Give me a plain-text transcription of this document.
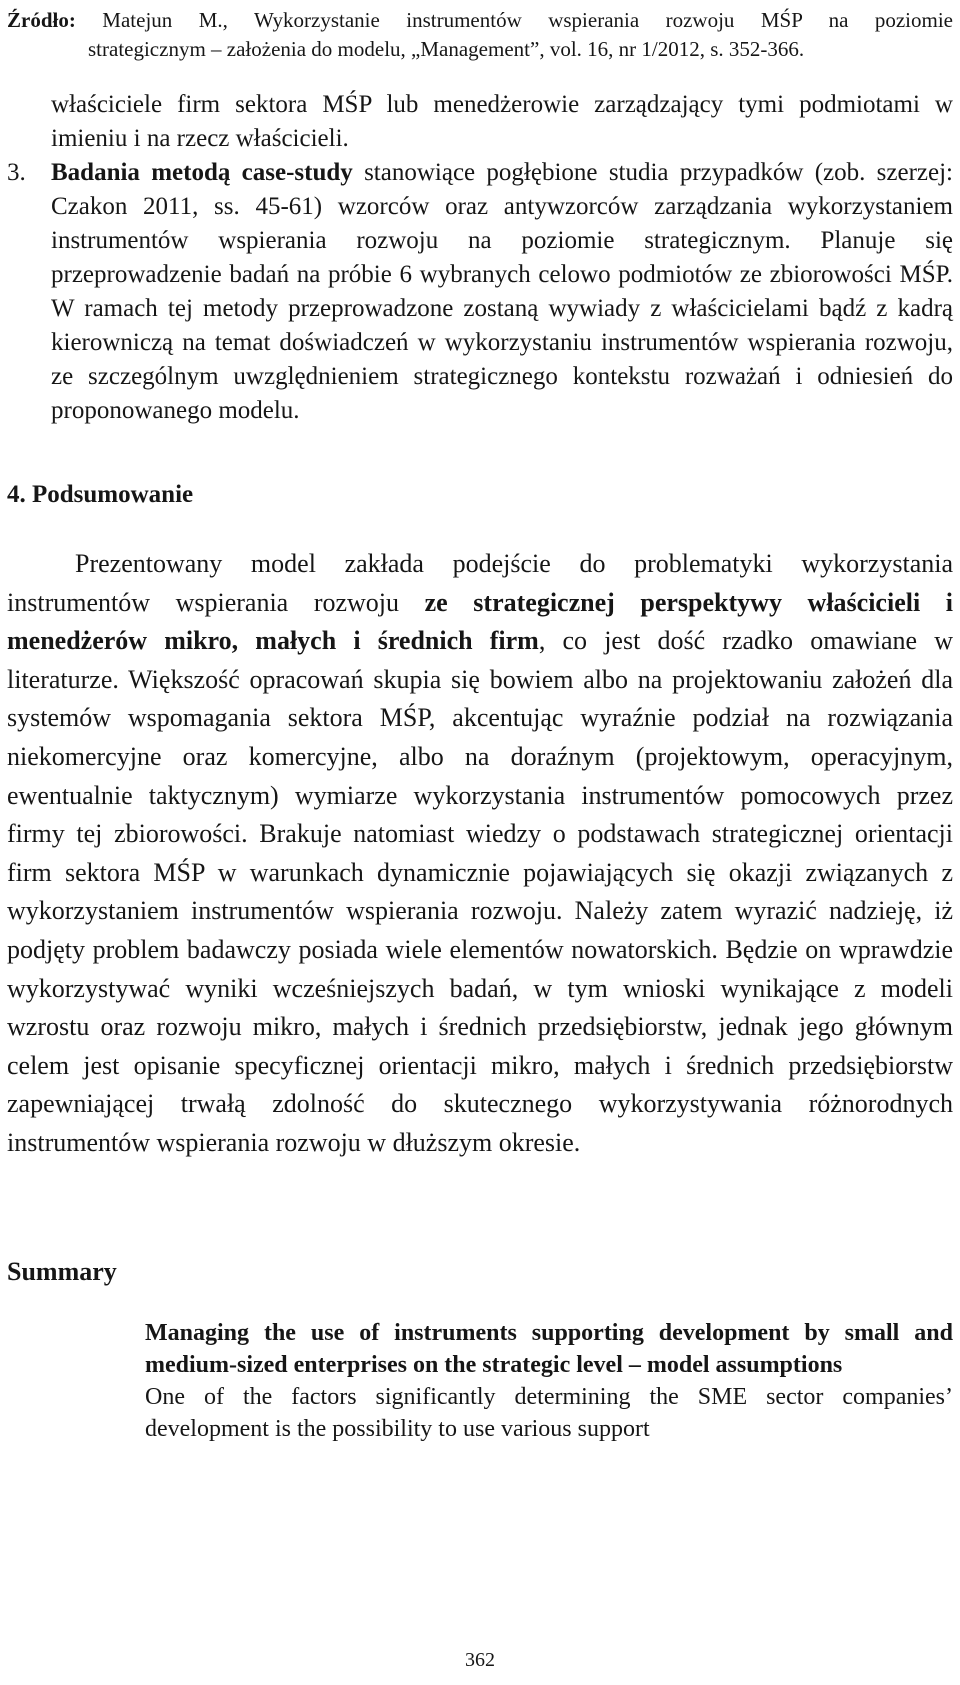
Źródło: Matejun M., Wykorzystanie instrumentów wspierania rozwoju MŚP na poziomie
strategicznym – założenia do modelu, „Management”, vol. 16, nr 1/2012, s. 352-366.
właściciele firm sektora MŚP lub menedżerowie zarządzający tymi podmiotami w imieniu i na rzecz właścicieli.
3.	Badania metodą case-study stanowiące pogłębione studia przypadków (zob. szerzej: Czakon 2011, ss. 45-61) wzorców oraz antywzorców zarządzania wykorzystaniem instrumentów wspierania rozwoju na poziomie strategicznym. Planuje się przeprowadzenie badań na próbie 6 wybranych celowo podmiotów ze zbiorowości MŚP. W ramach tej metody przeprowadzone zostaną wywiady z właścicielami bądź z kadrą kierowniczą na temat doświadczeń w wykorzystaniu instrumentów wspierania rozwoju, ze szczególnym uwzględnieniem strategicznego kontekstu rozważań i odniesień do proponowanego modelu.
4. Podsumowanie

Prezentowany model zakłada podejście do problematyki wykorzystania instrumentów wspierania rozwoju ze strategicznej perspektywy właścicieli i menedżerów mikro, małych i średnich firm, co jest dość rzadko omawiane w literaturze. Większość opracowań skupia się bowiem albo na projektowaniu założeń dla systemów wspomagania sektora MŚP, akcentując wyraźnie podział na rozwiązania niekomercyjne oraz komercyjne, albo na doraźnym (projektowym, operacyjnym, ewentualnie taktycznym) wymiarze wykorzystania instrumentów pomocowych przez firmy tej zbiorowości. Brakuje natomiast wiedzy o podstawach strategicznej orientacji firm sektora MŚP w warunkach dynamicznie pojawiających się okazji związanych z wykorzystaniem instrumentów wspierania rozwoju. Należy zatem wyrazić nadzieję, iż podjęty problem badawczy posiada wiele elementów nowatorskich. Będzie on wprawdzie wykorzystywać wyniki wcześniejszych badań, w tym wnioski wynikające z modeli wzrostu oraz rozwoju mikro, małych i średnich przedsiębiorstw, jednak jego głównym celem jest opisanie specyficznej orientacji mikro, małych i średnich przedsiębiorstw zapewniającej trwałą zdolność do skutecznego wykorzystywania różnorodnych instrumentów wspierania rozwoju w dłuższym okresie.

Summary

Managing the use of instruments supporting development by small and medium-sized enterprises on the strategic level – model assumptions

One of the factors significantly determining the SME sector companies’ development is the possibility to use various support

362
